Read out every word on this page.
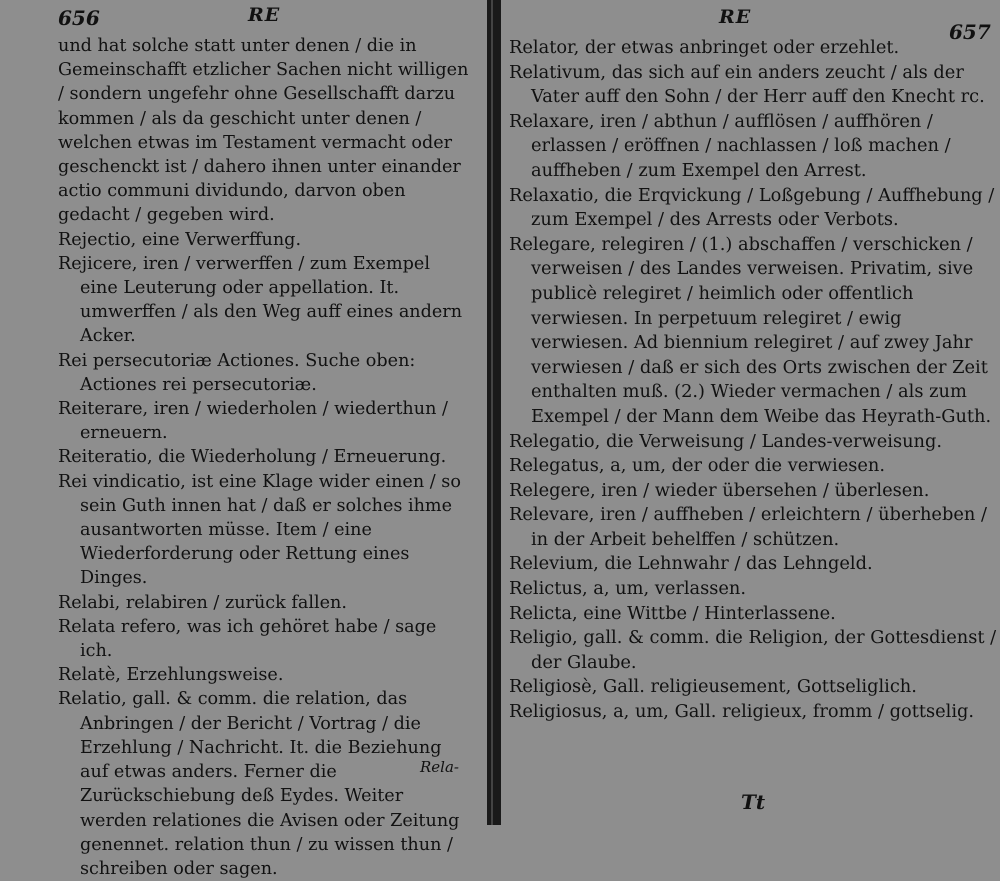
656	RE

und hat solche statt unter denen / die in Gemeinschafft etzlicher Sachen nicht willigen / sondern ungefehr ohne Gesellschafft darzu kommen / als da geschicht unter denen / welchen etwas im Testament vermacht oder geschenckt ist / dahero ihnen unter einander actio communi dividundo, darvon oben gedacht / gegeben wird.

Rejectio, eine Verwerffung.

Rejicere, iren / verwerffen / zum Exempel eine Leuterung oder appellation. It. umwerffen / als den Weg auff eines andern Acker.

Rei persecutoriæ Actiones. Suche oben: Actiones rei persecutoriæ.

Reiterare, iren / wiederholen / wiederthun / erneuern.

Reiteratio, die Wiederholung / Erneuerung.

Rei vindicatio, ist eine Klage wider einen / so sein Guth innen hat / daß er solches ihme ausantworten müsse. Item / eine Wiederforderung oder Rettung eines Dinges.

Relabi, relabiren / zurück fallen.

Relata refero, was ich gehöret habe / sage ich.

Relatè, Erzehlungsweise.

Relatio, gall. & comm. die relation, das Anbringen / der Bericht / Vortrag / die Erzehlung / Nachricht. It. die Beziehung auf etwas anders. Ferner die Zurückschiebung deß Eydes. Weiter werden relationes die Avisen oder Zeitung genennet. relation thun / zu wissen thun / schreiben oder sagen.

Rela-
RE
657

Relator, der etwas anbringet oder erzehlet.

Relativum, das sich auf ein anders zeucht / als der Vater auff den Sohn / der Herr auff den Knecht rc.

Relaxare, iren / abthun / aufflösen / auffhören / erlassen / eröffnen / nachlassen / loß machen / auffheben / zum Exempel den Arrest.

Relaxatio, die Erqvickung / Loßgebung / Auffhebung / zum Exempel / des Arrests oder Verbots.

Relegare, relegiren / (1.) abschaffen / verschicken / verweisen / des Landes verweisen. Privatim, sive publicè relegiret / heimlich oder offentlich verwiesen. In perpetuum relegiret / ewig verwiesen. Ad biennium relegiret / auf zwey Jahr verwiesen / daß er sich des Orts zwischen der Zeit enthalten muß. (2.) Wieder vermachen / als zum Exempel / der Mann dem Weibe das Heyrath-Guth.

Relegatio, die Verweisung / Landes-verweisung.

Relegatus, a, um, der oder die verwiesen.

Relegere, iren / wieder übersehen / überlesen.

Relevare, iren / auffheben / erleichtern / überheben / in der Arbeit behelffen / schützen.

Relevium, die Lehnwahr / das Lehngeld.

Relictus, a, um, verlassen.

Relicta, eine Wittbe / Hinterlassene.

Religio, gall. & comm. die Religion, der Gottesdienst / der Glaube.

Religiosè, Gall. religieusement, Gottseliglich.

Religiosus, a, um, Gall. religieux, fromm / gottselig.

Tt
